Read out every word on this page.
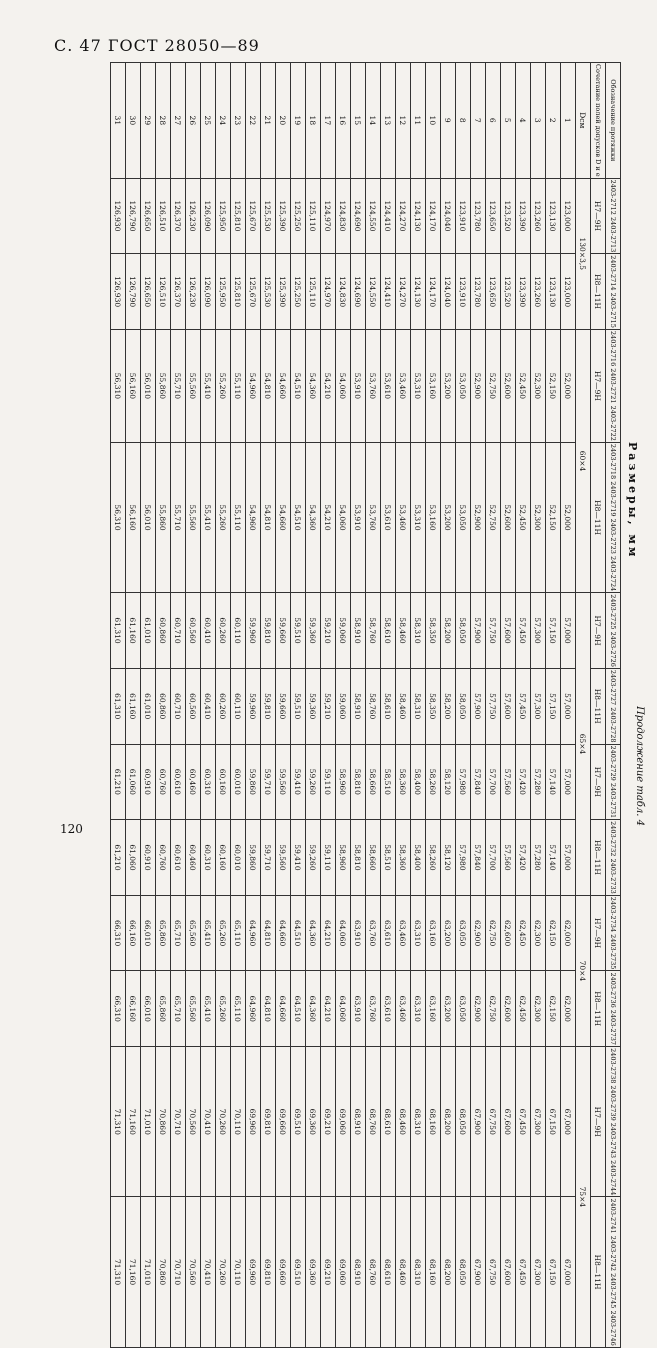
С. 47 ГОСТ 28050—89
120
Продолжение табл. 4
Размеры, мм
Обозначение протяжки	2403-2712 2403-2713	2403-2714 2403-2715	2403-2716 2403-2721 2403-2722	2403-2718 2403-2719 2403-2723 2403-2724	2403-2725 2403-2726	2403-2727 2403-2728	2403-2729 2403-2731	2403-2732 2403-2733	2403-2734 2403-2735	2403-2736 2403-2737	2403-2738 2403-2739 2403-2743 2403-2744	2403-2741 2403-2742 2403-2745 2403-2746
Сочетание полей допусков D и e	Н7—9Н	Н8—11Н	Н7—9Н	Н8—11Н	Н7—9Н	Н8—11Н	Н7—9Н	Н8—11Н	Н7—9Н	Н8—11Н	Н7—9Н	Н8—11Н
Dсм	130×3,5		60×4		65×4				70×4		75×4	
1	123,000	123,000	52,000	52,000	57,000	57,000	57,000	57,000	62,000	62,000	67,000	67,000
2	123,130	123,130	52,150	52,150	57,150	57,150	57,140	57,140	62,150	62,150	67,150	67,150
3	123,260	123,260	52,300	52,300	57,300	57,300	57,280	57,280	62,300	62,300	67,300	67,300
4	123,390	123,390	52,450	52,450	57,450	57,450	57,420	57,420	62,450	62,450	67,450	67,450
5	123,520	123,520	52,600	52,600	57,600	57,600	57,560	57,560	62,600	62,600	67,600	67,600
6	123,650	123,650	52,750	52,750	57,750	57,750	57,700	57,700	62,750	62,750	67,750	67,750
7	123,780	123,780	52,900	52,900	57,900	57,900	57,840	57,840	62,900	62,900	67,900	67,900
8	123,910	123,910	53,050	53,050	58,050	58,050	57,980	57,980	63,050	63,050	68,050	68,050
9	124,040	124,040	53,200	53,200	58,200	58,200	58,120	58,120	63,200	63,200	68,200	68,200
10	124,170	124,170	53,160	53,160	58,350	58,350	58,260	58,260	63,160	63,160	68,160	68,160
11	124,130	124,130	53,310	53,310	58,310	58,310	58,400	58,400	63,310	63,310	68,310	68,310
12	124,270	124,270	53,460	53,460	58,460	58,460	58,360	58,360	63,460	63,460	68,460	68,460
13	124,410	124,410	53,610	53,610	58,610	58,610	58,510	58,510	63,610	63,610	68,610	68,610
14	124,550	124,550	53,760	53,760	58,760	58,760	58,660	58,660	63,760	63,760	68,760	68,760
15	124,690	124,690	53,910	53,910	58,910	58,910	58,810	58,810	63,910	63,910	68,910	68,910
16	124,830	124,830	54,060	54,060	59,060	59,060	58,960	58,960	64,060	64,060	69,060	69,060
17	124,970	124,970	54,210	54,210	59,210	59,210	59,110	59,110	64,210	64,210	69,210	69,210
18	125,110	125,110	54,360	54,360	59,360	59,360	59,260	59,260	64,360	64,360	69,360	69,360
19	125,250	125,250	54,510	54,510	59,510	59,510	59,410	59,410	64,510	64,510	69,510	69,510
20	125,390	125,390	54,660	54,660	59,660	59,660	59,560	59,560	64,660	64,660	69,660	69,660
21	125,530	125,530	54,810	54,810	59,810	59,810	59,710	59,710	64,810	64,810	69,810	69,810
22	125,670	125,670	54,960	54,960	59,960	59,960	59,860	59,860	64,960	64,960	69,960	69,960
23	125,810	125,810	55,110	55,110	60,110	60,110	60,010	60,010	65,110	65,110	70,110	70,110
24	125,950	125,950	55,260	55,260	60,260	60,260	60,160	60,160	65,260	65,260	70,260	70,260
25	126,090	126,090	55,410	55,410	60,410	60,410	60,310	60,310	65,410	65,410	70,410	70,410
26	126,230	126,230	55,560	55,560	60,560	60,560	60,460	60,460	65,560	65,560	70,560	70,560
27	126,370	126,370	55,710	55,710	60,710	60,710	60,610	60,610	65,710	65,710	70,710	70,710
28	126,510	126,510	55,860	55,860	60,860	60,860	60,760	60,760	65,860	65,860	70,860	70,860
29	126,650	126,650	56,010	56,010	61,010	61,010	60,910	60,910	66,010	66,010	71,010	71,010
30	126,790	126,790	56,160	56,160	61,160	61,160	61,060	61,060	66,160	66,160	71,160	71,160
31	126,930	126,930	56,310	56,310	61,310	61,310	61,210	61,210	66,310	66,310	71,310	71,310
